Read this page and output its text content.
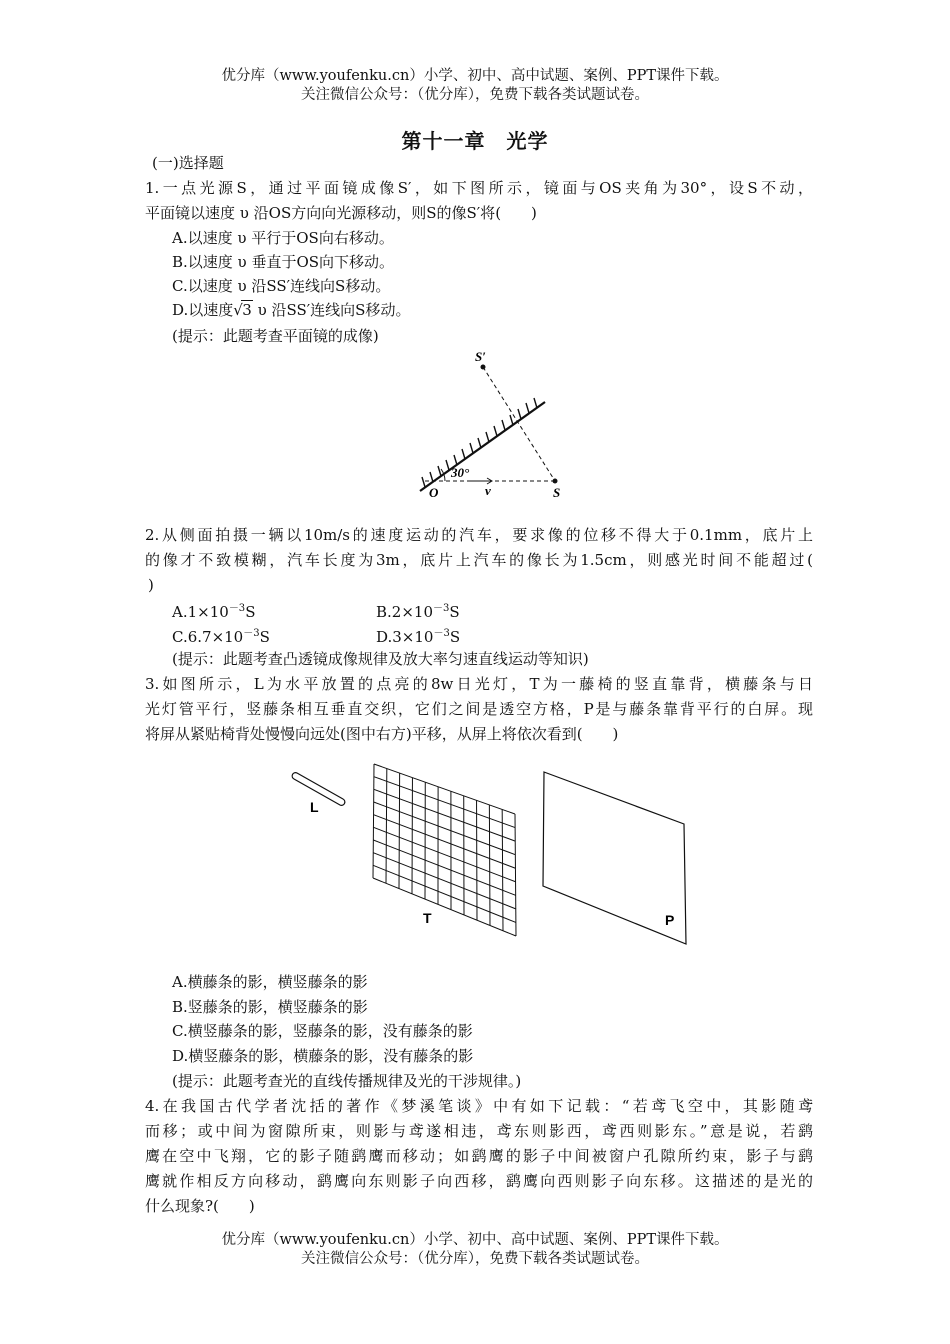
优分库（www.youfenku.cn）小学、初中、高中试题、案例、PPT课件下载。
关注微信公众号：（优分库），免费下载各类试题试卷。
第十一章　光学
(一)选择题
1.一点光源S，通过平面镜成像S′，如下图所示，镜面与OS夹角为30°，设S不动，
平面镜以速度 υ 沿OS方向向光源移动，则S的像S′将(　　)
A.以速度 υ 平行于OS向右移动。
B.以速度 υ 垂直于OS向下移动。
C.以速度 υ 沿SS′连线向S移动。
D.以速度 √ 3 υ 沿SS′连线向S移动。
(提示：此题考查平面镜的成像)
S′
30°
O	v	S
2.从侧面拍摄一辆以10m/s的速度运动的汽车，要求像的位移不得大于0.1mm，底片上
的像才不致模糊，汽车长度为3m，底片上汽车的像长为1.5cm，则感光时间不能超过(
)
$A.1\times 10^{-3}S$	$B.2\times 10^{-3}S$
$C.6.7\times 10^{-3}S$	$D.3\times 10^{-3}S$
(提示：此题考查凸透镜成像规律及放大率匀速直线运动等知识)
3.如图所示，L为水平放置的点亮的8w日光灯，T为一藤椅的竖直靠背，横藤条与日
光灯管平行，竖藤条相互垂直交织，它们之间是透空方格，P是与藤条靠背平行的白屏。现
将屏从紧贴椅背处慢慢向远处(图中右方)平移，从屏上将依次看到(　　)
L
T	P
A.横藤条的影，横竖藤条的影
B.竖藤条的影，横竖藤条的影
C.横竖藤条的影，竖藤条的影，没有藤条的影
D.横竖藤条的影，横藤条的影，没有藤条的影
(提示：此题考查光的直线传播规律及光的干涉规律。)
4.在我国古代学者沈括的著作《梦溪笔谈》中有如下记载：“若鸢飞空中，其影随鸢
而移；或中间为窗隙所束，则影与鸢遂相违，鸢东则影西，鸢西则影东。”意是说，若鹞
鹰在空中飞翔，它的影子随鹞鹰而移动；如鹞鹰的影子中间被窗户孔隙所约束，影子与鹞
鹰就作相反方向移动，鹞鹰向东则影子向西移，鹞鹰向西则影子向东移。这描述的是光的
什么现象?(　　)
优分库（www.youfenku.cn）小学、初中、高中试题、案例、PPT课件下载。
关注微信公众号：（优分库），免费下载各类试题试卷。
